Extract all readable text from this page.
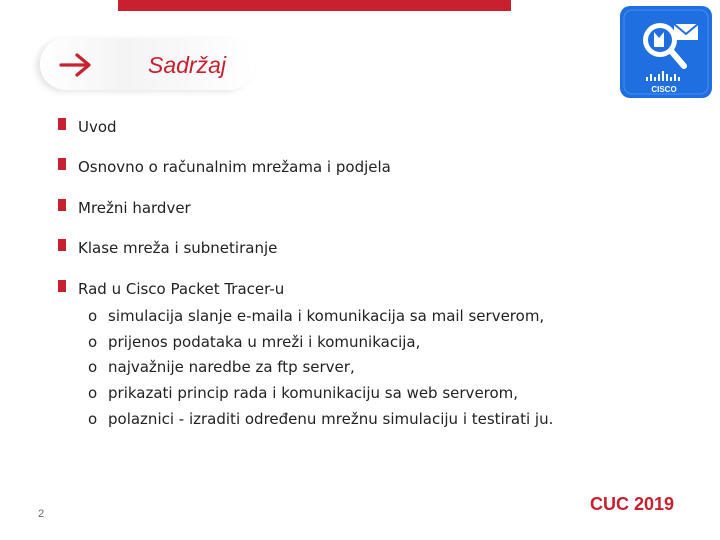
Sadržaj
CISCO
Uvod
Osnovno o računalnim mrežama i podjela
Mrežni hardver
Klase mreža i subnetiranje
Rad u Cisco Packet Tracer-u
o simulacija slanje e-maila i komunikacija sa mail serverom,
o prijenos podataka u mreži i komunikacija,
o najvažnije naredbe za ftp server,
o prikazati princip rada i komunikaciju sa web serverom,
o polaznici - izraditi određenu mrežnu simulaciju i testirati ju.
2	CUC 2019
